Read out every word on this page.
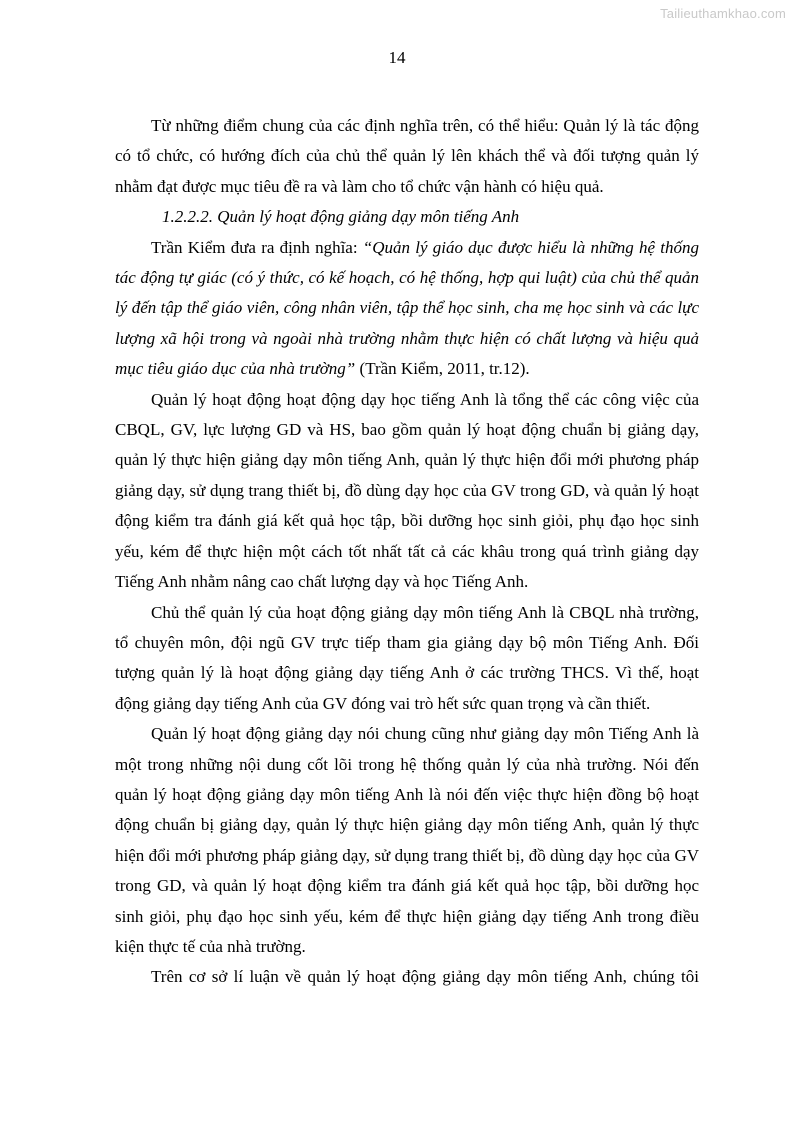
Tailieuthamkhao.com
14

Từ những điểm chung của các định nghĩa trên, có thể hiểu: Quản lý là tác động có tổ chức, có hướng đích của chủ thể quản lý lên khách thể và đối tượng quản lý nhằm đạt được mục tiêu đề ra và làm cho tổ chức vận hành có hiệu quả.

1.2.2.2. Quản lý hoạt động giảng dạy môn tiếng Anh

Trần Kiểm đưa ra định nghĩa: “Quản lý giáo dục được hiểu là những hệ thống tác động tự giác (có ý thức, có kế hoạch, có hệ thống, hợp qui luật) của chủ thể quản lý đến tập thể giáo viên, công nhân viên, tập thể học sinh, cha mẹ học sinh và các lực lượng xã hội trong và ngoài nhà trường nhằm thực hiện có chất lượng và hiệu quả mục tiêu giáo dục của nhà trường” (Trần Kiểm, 2011, tr.12).

Quản lý hoạt động hoạt động dạy học tiếng Anh là tổng thể các công việc của CBQL, GV, lực lượng GD và HS, bao gồm quản lý hoạt động chuẩn bị giảng dạy, quản lý thực hiện giảng dạy môn tiếng Anh, quản lý thực hiện đổi mới phương pháp giảng dạy, sử dụng trang thiết bị, đồ dùng dạy học của GV trong GD, và quản lý hoạt động kiểm tra đánh giá kết quả học tập, bồi dưỡng học sinh giỏi, phụ đạo học sinh yếu, kém để thực hiện một cách tốt nhất tất cả các khâu trong quá trình giảng dạy Tiếng Anh nhằm nâng cao chất lượng dạy và học Tiếng Anh.

Chủ thể quản lý của hoạt động giảng dạy môn tiếng Anh là CBQL nhà trường, tổ chuyên môn, đội ngũ GV trực tiếp tham gia giảng dạy bộ môn Tiếng Anh. Đối tượng quản lý là hoạt động giảng dạy tiếng Anh ở các trường THCS. Vì thế, hoạt động giảng dạy tiếng Anh của GV đóng vai trò hết sức quan trọng và cần thiết.

Quản lý hoạt động giảng dạy nói chung cũng như giảng dạy môn Tiếng Anh là một trong những nội dung cốt lõi trong hệ thống quản lý của nhà trường. Nói đến quản lý hoạt động giảng dạy môn tiếng Anh là nói đến việc thực hiện đồng bộ hoạt động chuẩn bị giảng dạy, quản lý thực hiện giảng dạy môn tiếng Anh, quản lý thực hiện đổi mới phương pháp giảng dạy, sử dụng trang thiết bị, đồ dùng dạy học của GV trong GD, và quản lý hoạt động kiểm tra đánh giá kết quả học tập, bồi dưỡng học sinh giỏi, phụ đạo học sinh yếu, kém để thực hiện giảng dạy tiếng Anh trong điều kiện thực tế của nhà trường.

Trên cơ sở lí luận về quản lý hoạt động giảng dạy môn tiếng Anh, chúng tôi
